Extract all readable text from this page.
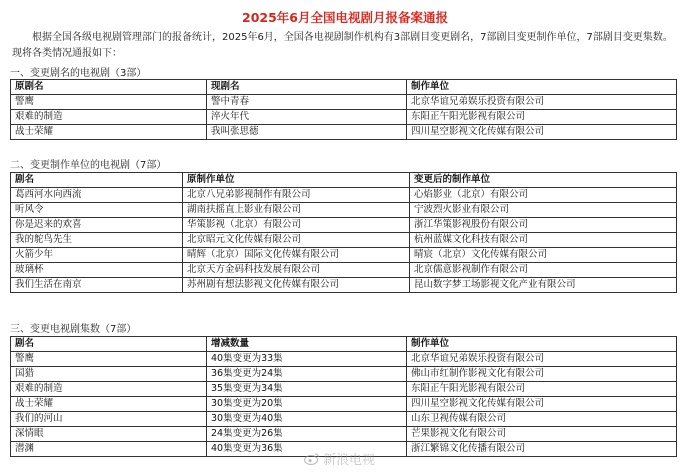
2025年6月全国电视剧月报备案通报
根据全国各级电视剧管理部门的报备统计，2025年6月，全国各电视剧制作机构有3部剧目变更剧名，7部剧目变更制作单位，7部剧目变更集数。现将各类情况通报如下：
一、变更剧名的电视剧（3部）
原剧名	现剧名	制作单位
警鹰	警中青春	北京华谊兄弟娱乐投资有限公司
艰难的制造	淬火年代	东阳正午阳光影视有限公司
战士荣耀	我叫张思德	四川星空影视文化传媒有限公司
二、变更制作单位的电视剧（7部）
剧名	原制作单位	变更后的制作单位
葛西河水向西流	北京八兄弟影视制作有限公司	心焰影业（北京）有限公司
听风令	湖南扶摇直上影业有限公司	宁波烈火影业有限公司
你是迟来的欢喜	华策影视（北京）有限公司	浙江华策影视股份有限公司
我的鸵鸟先生	北京昭元文化传媒有限公司	杭州蓝媒文化科技有限公司
火箭少年	晴辉（北京）国际文化传媒有限公司	晴宸（北京）文化传媒有限公司
玻璃杯	北京天方金码科技发展有限公司	北京儒意影视制作有限公司
我们生活在南京	苏州剧有想法影视文化传媒有限公司	昆山数字梦工场影视文化产业有限公司
三、变更电视剧集数（7部）
剧名	增减数量	制作单位
警鹰	40集变更为33集	北京华谊兄弟娱乐投资有限公司
国猎	36集变更为24集	佛山市红制作影视文化有限公司
艰难的制造	35集变更为34集	东阳正午阳光影视有限公司
战士荣耀	30集变更为20集	四川星空影视文化传媒有限公司
我们的河山	30集变更为40集	山东卫视传媒有限公司
深情眼	24集变更为26集	芒果影视文化有限公司
潜渊	40集变更为36集	浙江繁锦文化传播有限公司
新浪电视
